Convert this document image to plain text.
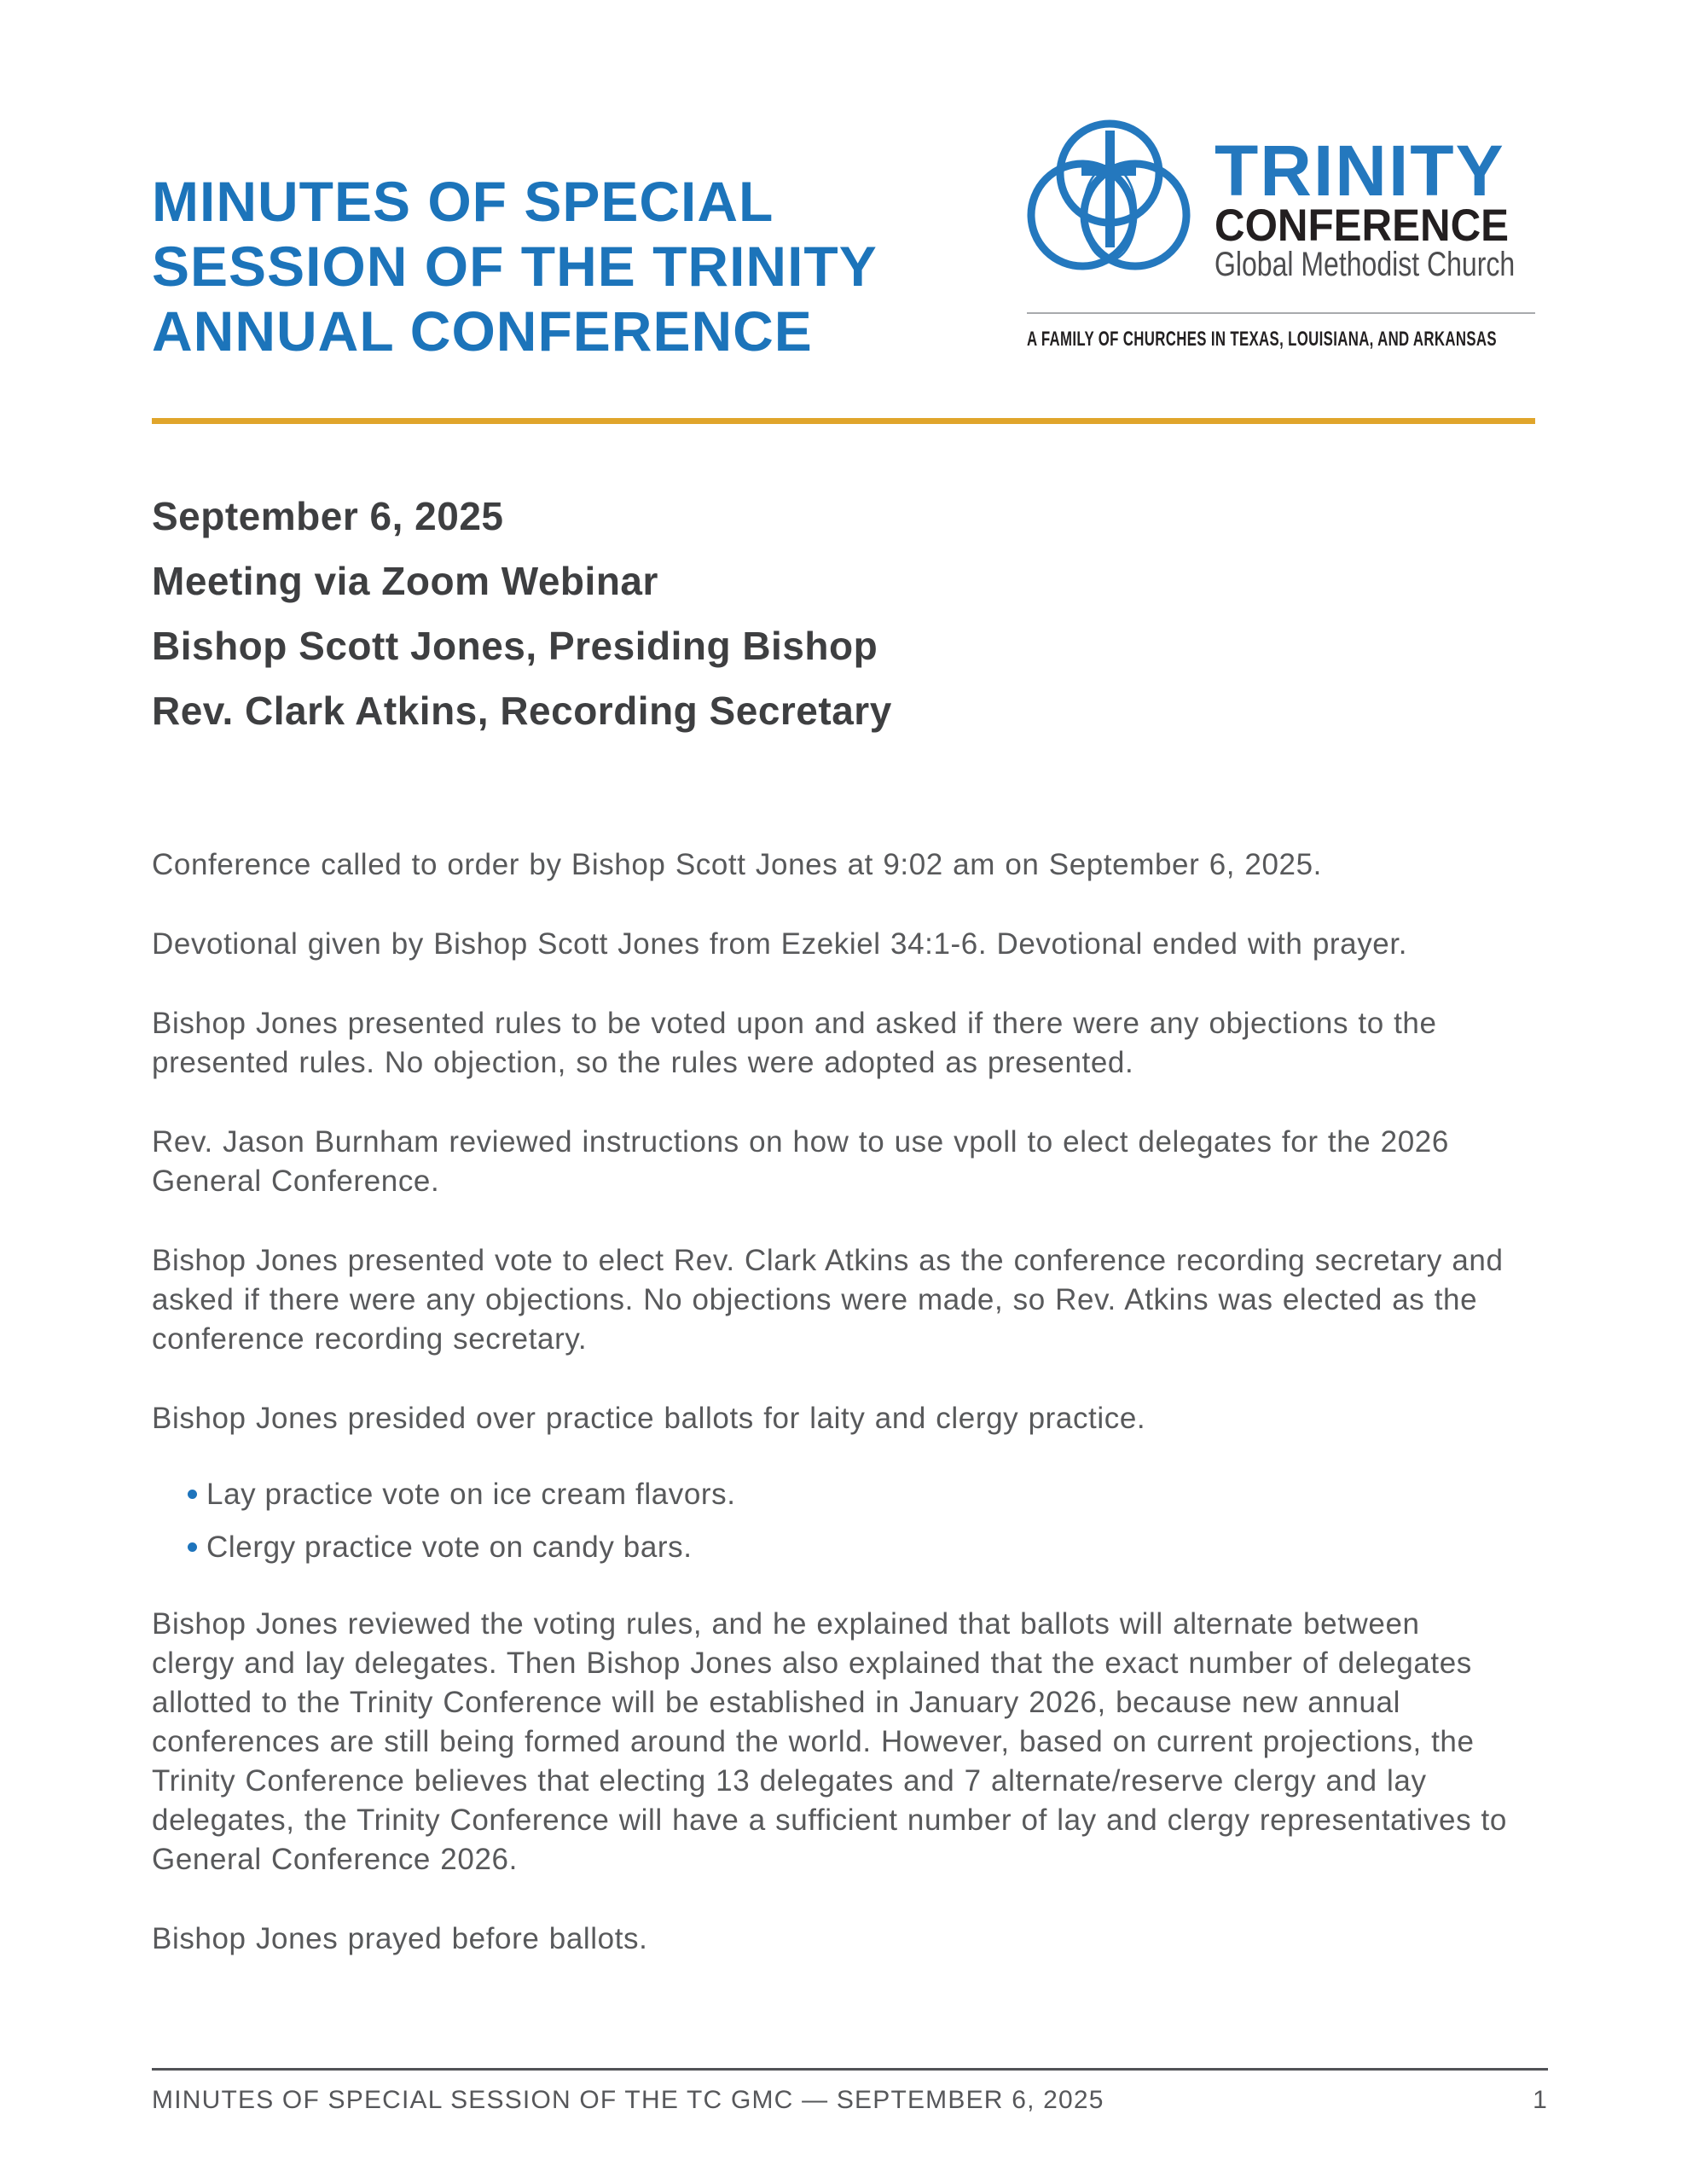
MINUTES OF SPECIAL SESSION OF THE TRINITY ANNUAL CONFERENCE
TRINITY
CONFERENCE
Global Methodist Church
A FAMILY OF CHURCHES IN TEXAS, LOUISIANA, AND ARKANSAS
September 6, 2025
Meeting via Zoom Webinar
Bishop Scott Jones, Presiding Bishop
Rev. Clark Atkins, Recording Secretary

Conference called to order by Bishop Scott Jones at 9:02 am on September 6, 2025.

Devotional given by Bishop Scott Jones from Ezekiel 34:1-6. Devotional ended with prayer.

Bishop Jones presented rules to be voted upon and asked if there were any objections to the presented rules. No objection, so the rules were adopted as presented.

Rev. Jason Burnham reviewed instructions on how to use vpoll to elect delegates for the 2026 General Conference.

Bishop Jones presented vote to elect Rev. Clark Atkins as the conference recording secretary and asked if there were any objections. No objections were made, so Rev. Atkins was elected as the conference recording secretary.

Bishop Jones presided over practice ballots for laity and clergy practice.

Lay practice vote on ice cream flavors.
Clergy practice vote on candy bars.

Bishop Jones reviewed the voting rules, and he explained that ballots will alternate between clergy and lay delegates. Then Bishop Jones also explained that the exact number of delegates allotted to the Trinity Conference will be established in January 2026, because new annual conferences are still being formed around the world. However, based on current projections, the Trinity Conference believes that electing 13 delegates and 7 alternate/reserve clergy and lay delegates, the Trinity Conference will have a sufficient number of lay and clergy representatives to General Conference 2026.

Bishop Jones prayed before ballots.

MINUTES OF SPECIAL SESSION OF THE TC GMC — SEPTEMBER 6, 2025	1
